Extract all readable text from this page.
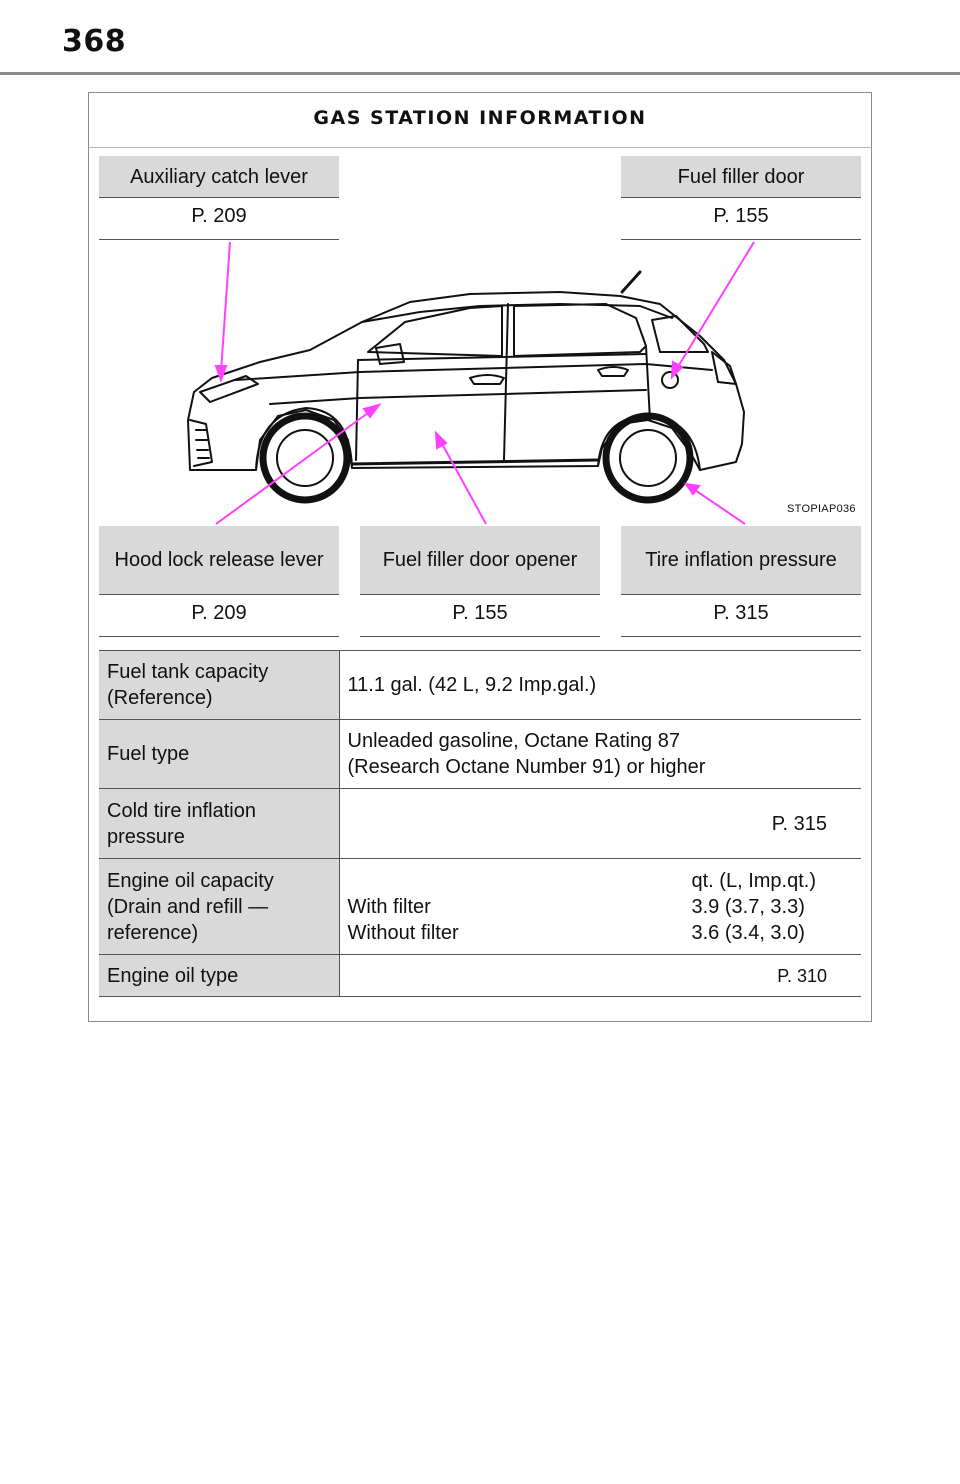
368
GAS STATION INFORMATION
Auxiliary catch lever
P. 209
Fuel filler door
P. 155
Hood lock release lever
P. 209
Fuel filler door opener
P. 155
Tire inflation pressure
P. 315
STOPIAP036
Fuel tank capacity (Reference)	11.1 gal. (42 L, 9.2 Imp.gal.)
Fuel type	Unleaded gasoline, Octane Rating 87
(Research Octane Number 91) or higher

Cold tire inflation pressure	P. 315
Engine oil capacity (Drain and refill — reference)	qt. (L, Imp.qt.)
With filter 3.9 (3.7, 3.3)
Without filter 3.6 (3.4, 3.0)

Engine oil type	P. 310
